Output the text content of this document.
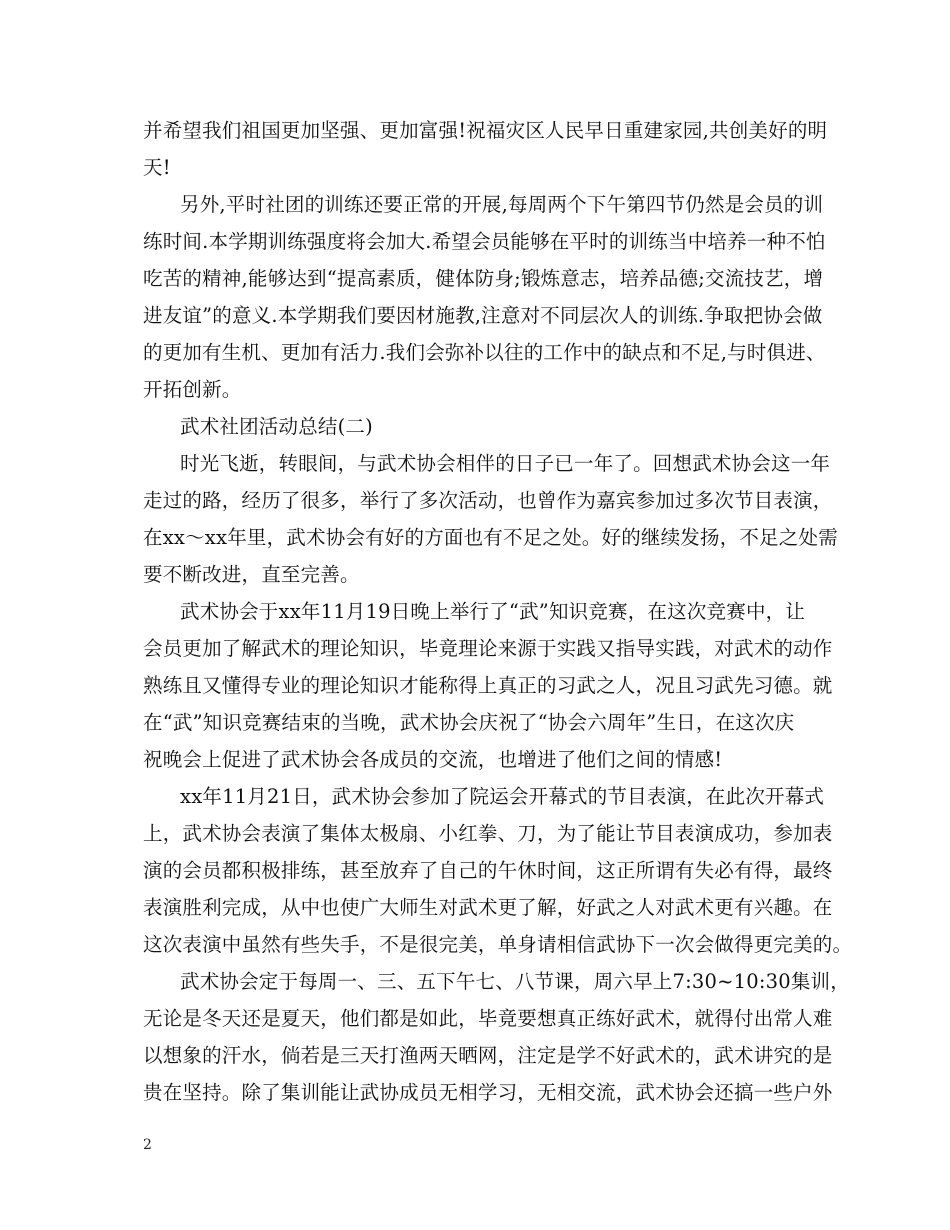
并希望我们祖国更加坚强、更加富强!祝福灾区人民早日重建家园,共创美好的明
天!
另外,平时社团的训练还要正常的开展,每周两个下午第四节仍然是会员的训
练时间.本学期训练强度将会加大.希望会员能够在平时的训练当中培养一种不怕
吃苦的精神,能够达到“提高素质，健体防身;锻炼意志，培养品德;交流技艺，增
进友谊”的意义.本学期我们要因材施教,注意对不同层次人的训练.争取把协会做
的更加有生机、更加有活力.我们会弥补以往的工作中的缺点和不足,与时俱进、
开拓创新。
武术社团活动总结(二)
时光飞逝，转眼间，与武术协会相伴的日子已一年了。回想武术协会这一年
走过的路，经历了很多，举行了多次活动，也曾作为嘉宾参加过多次节目表演，
在xx～xx年里，武术协会有好的方面也有不足之处。好的继续发扬，不足之处需
要不断改进，直至完善。
武术协会于xx年11月19日晚上举行了“武”知识竞赛，在这次竞赛中，让
会员更加了解武术的理论知识，毕竟理论来源于实践又指导实践，对武术的动作
熟练且又懂得专业的理论知识才能称得上真正的习武之人，况且习武先习德。就
在“武”知识竞赛结束的当晚，武术协会庆祝了“协会六周年”生日，在这次庆
祝晚会上促进了武术协会各成员的交流，也增进了他们之间的情感!
xx年11月21日，武术协会参加了院运会开幕式的节目表演，在此次开幕式
上，武术协会表演了集体太极扇、小红拳、刀，为了能让节目表演成功，参加表
演的会员都积极排练，甚至放弃了自己的午休时间，这正所谓有失必有得，最终
表演胜利完成，从中也使广大师生对武术更了解，好武之人对武术更有兴趣。在
这次表演中虽然有些失手，不是很完美，单身请相信武协下一次会做得更完美的。
武术协会定于每周一、三、五下午七、八节课，周六早上7:30~10:30集训，
无论是冬天还是夏天，他们都是如此，毕竟要想真正练好武术，就得付出常人难
以想象的汗水，倘若是三天打渔两天晒网，注定是学不好武术的，武术讲究的是
贵在坚持。除了集训能让武协成员无相学习，无相交流，武术协会还搞一些户外
2
